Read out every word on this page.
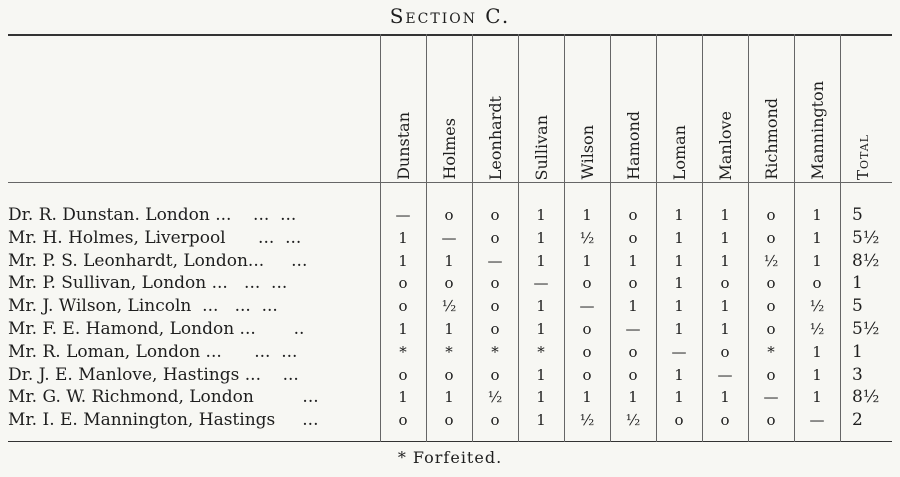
Section C.
Dunstan Holmes Leonhardt Sullivan Wilson Hamond Loman Manlove Richmond Mannington Total
Dr. R. Dunstan. London ...    ...  ...	—	o	o	1	1	o	1	1	o	1	5
Mr. H. Holmes, Liverpool      ...  ...	1	—	o	1	½	o	1	1	o	1	5½
Mr. P. S. Leonhardt, London...     ...	1	1	—	1	1	1	1	1	½	1	8½
Mr. P. Sullivan, London ...   ...  ...	o	o	o	—	o	o	1	o	o	o	1
Mr. J. Wilson, Lincoln  ...   ...  ...	o	½	o	1	—	1	1	1	o	½	5
Mr. F. E. Hamond, London ...       ..	1	1	o	1	o	—	1	1	o	½	5½
Mr. R. Loman, London ...      ...  ...	*	*	*	*	o	o	—	o	*	1	1
Dr. J. E. Manlove, Hastings ...    ...	o	o	o	1	o	o	1	—	o	1	3
Mr. G. W. Richmond, London         ...	1	1	½	1	1	1	1	1	—	1	8½
Mr. I. E. Mannington, Hastings     ...	o	o	o	1	½	½	o	o	o	—	2
* Forfeited.
